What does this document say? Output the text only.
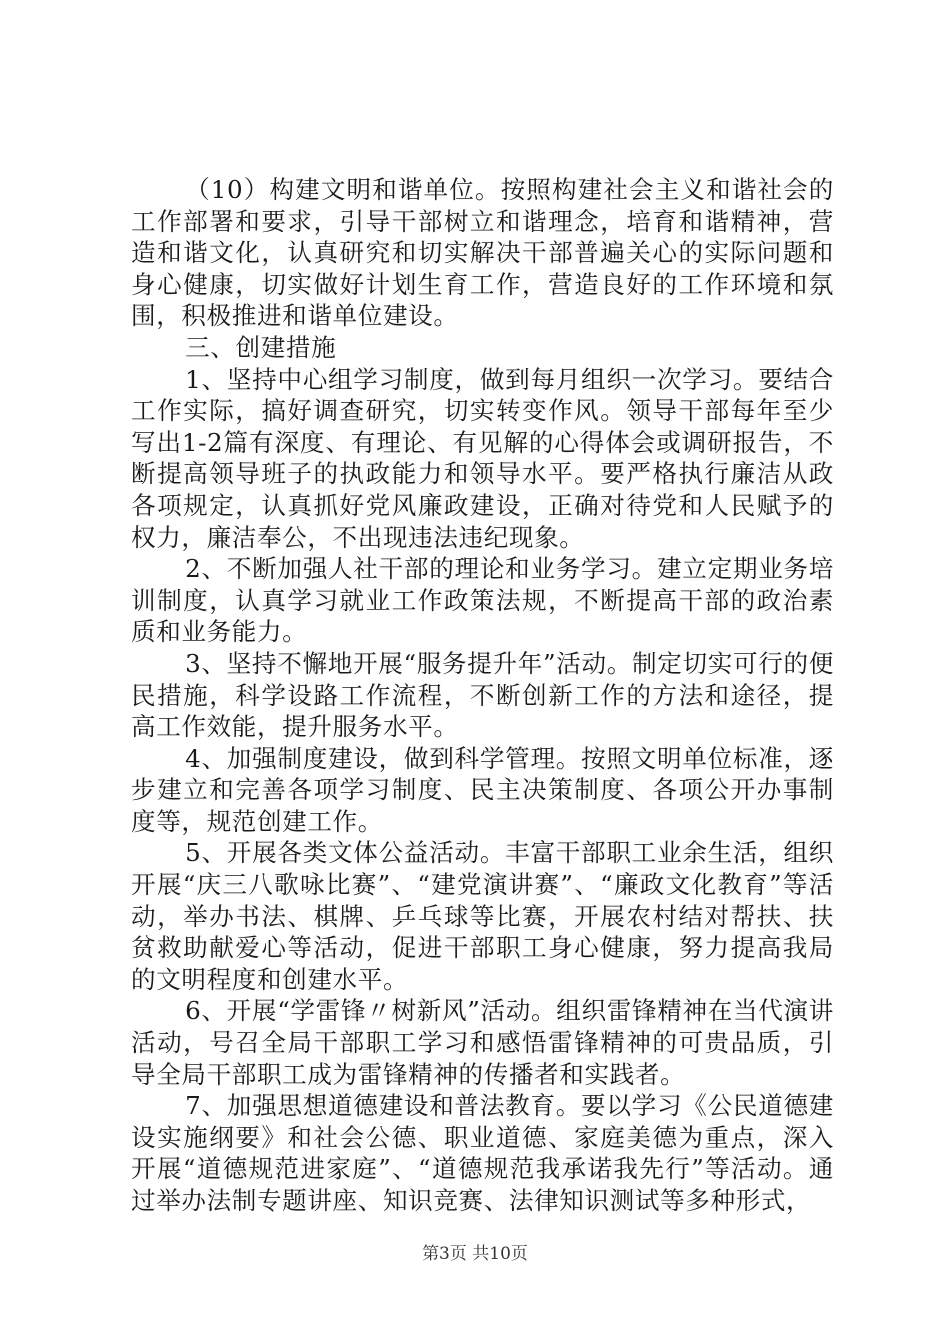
（10）构建文明和谐单位。按照构建社会主义和谐社会的工作部署和要求，引导干部树立和谐理念，培育和谐精神，营造和谐文化，认真研究和切实解决干部普遍关心的实际问题和身心健康，切实做好计划生育工作，营造良好的工作环境和氛围，积极推进和谐单位建设。

三、创建措施

1、坚持中心组学习制度，做到每月组织一次学习。要结合工作实际，搞好调查研究，切实转变作风。领导干部每年至少写出1-2篇有深度、有理论、有见解的心得体会或调研报告，不断提高领导班子的执政能力和领导水平。要严格执行廉洁从政各项规定，认真抓好党风廉政建设，正确对待党和人民赋予的权力，廉洁奉公，不出现违法违纪现象。

2、不断加强人社干部的理论和业务学习。建立定期业务培训制度，认真学习就业工作政策法规，不断提高干部的政治素质和业务能力。

3、坚持不懈地开展“服务提升年”活动。制定切实可行的便民措施，科学设路工作流程，不断创新工作的方法和途径，提高工作效能，提升服务水平。

4、加强制度建设，做到科学管理。按照文明单位标准，逐步建立和完善各项学习制度、民主决策制度、各项公开办事制度等，规范创建工作。

5、开展各类文体公益活动。丰富干部职工业余生活，组织开展“庆三八歌咏比赛”、“建党演讲赛”、“廉政文化教育”等活动，举办书法、棋牌、乒乓球等比赛，开展农村结对帮扶、扶贫救助献爱心等活动，促进干部职工身心健康，努力提高我局的文明程度和创建水平。

6、开展“学雷锋〃树新风”活动。组织雷锋精神在当代演讲活动，号召全局干部职工学习和感悟雷锋精神的可贵品质，引导全局干部职工成为雷锋精神的传播者和实践者。

7、加强思想道德建设和普法教育。要以学习《公民道德建设实施纲要》和社会公德、职业道德、家庭美德为重点，深入开展“道德规范进家庭”、“道德规范我承诺我先行”等活动。通过举办法制专题讲座、知识竞赛、法律知识测试等多种形式，

第3页 共10页
